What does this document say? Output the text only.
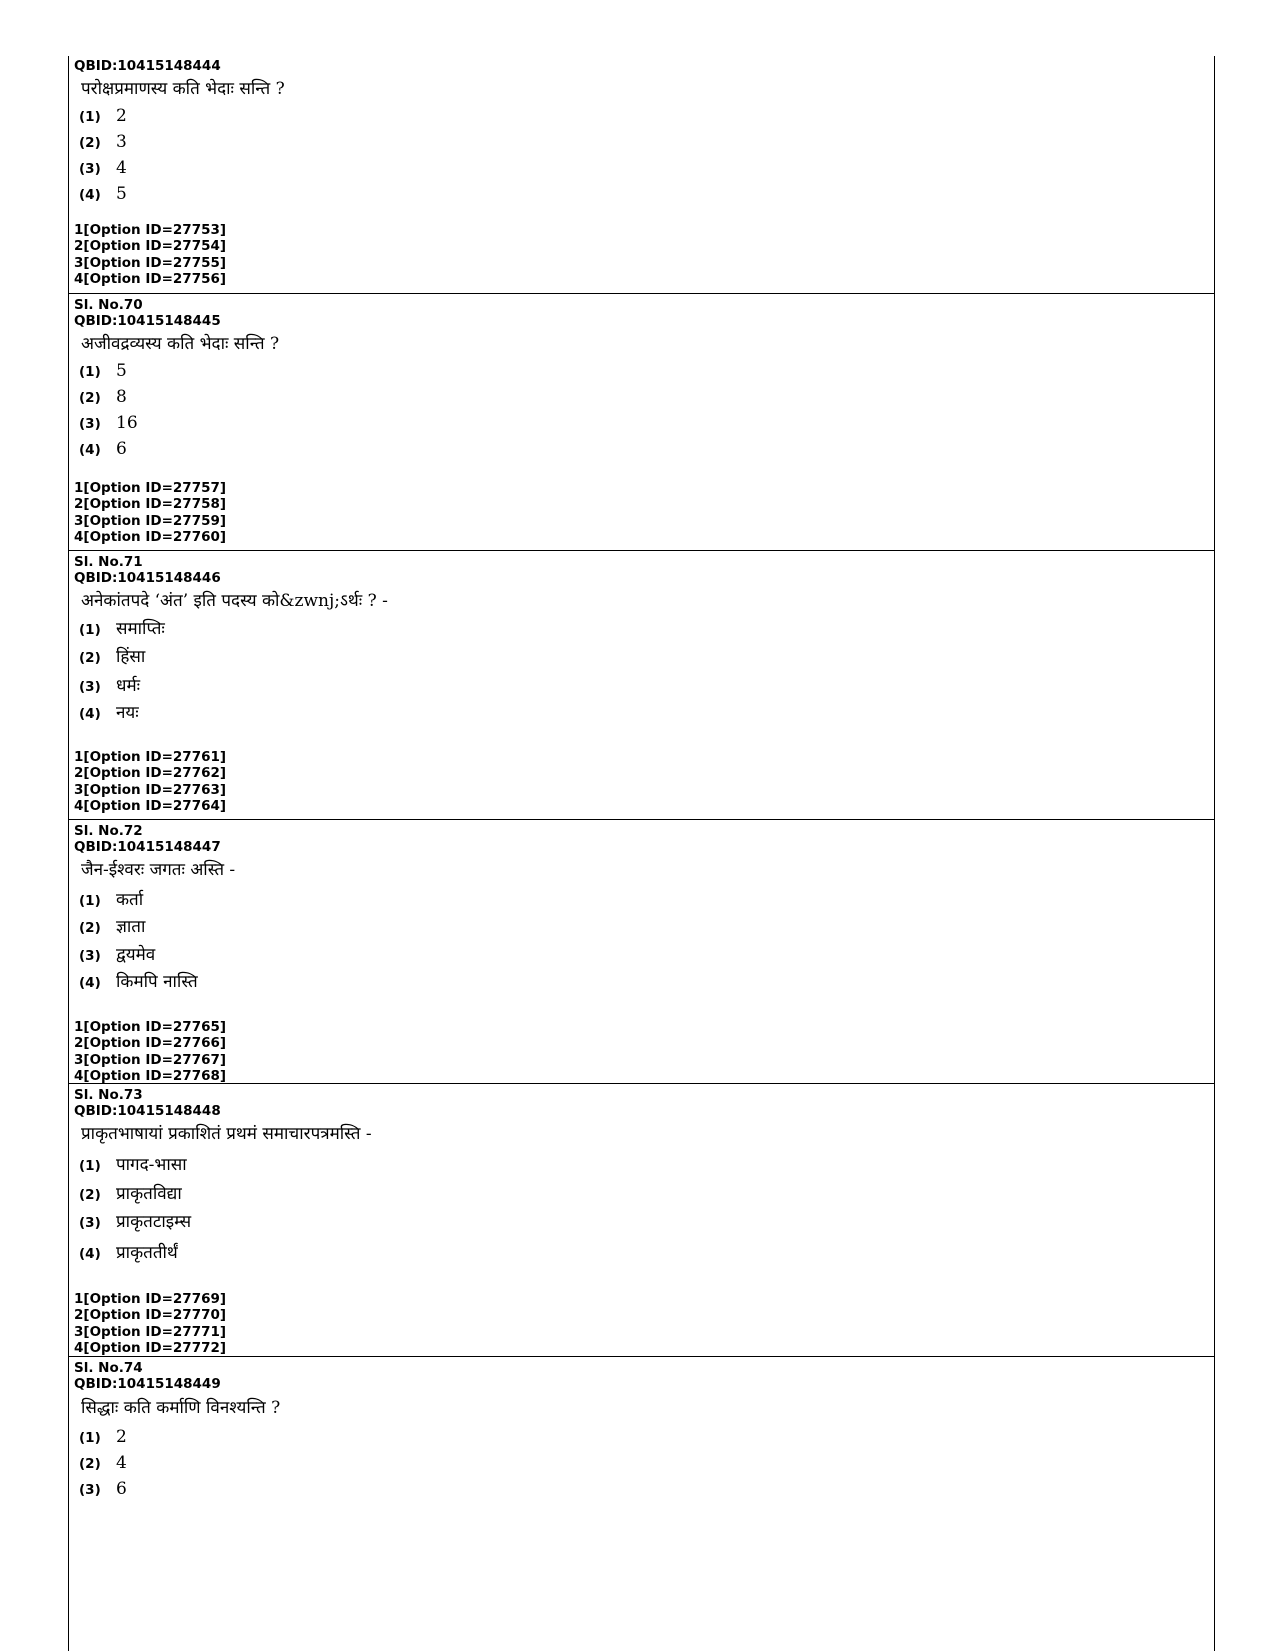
QBID:10415148444
परोक्षप्रमाणस्य कति भेदाः सन्ति ?
(1) 2
(2) 3
(3) 4
(4) 5
1[Option ID=27753]
2[Option ID=27754]
3[Option ID=27755]
4[Option ID=27756]
Sl. No.70
QBID:10415148445
अजीवद्रव्यस्य कति भेदाः सन्ति ?
(1) 5
(2) 8
(3) 16
(4) 6
1[Option ID=27757]
2[Option ID=27758]
3[Option ID=27759]
4[Option ID=27760]
Sl. No.71
QBID:10415148446
अनेकांतपदे ‘अंत’ इति पदस्य को&zwnj;ऽर्थः ? -
(1) समाप्तिः
(2) हिंसा
(3) धर्मः
(4) नयः
1[Option ID=27761]
2[Option ID=27762]
3[Option ID=27763]
4[Option ID=27764]
Sl. No.72
QBID:10415148447
जैन-ईश्वरः जगतः अस्ति -
(1) कर्ता
(2) ज्ञाता
(3) द्वयमेव
(4) किमपि नास्ति
1[Option ID=27765]
2[Option ID=27766]
3[Option ID=27767]
4[Option ID=27768]
Sl. No.73
QBID:10415148448
प्राकृतभाषायां प्रकाशितं प्रथमं समाचारपत्रमस्ति -
(1) पागद-भासा
(2) प्राकृतविद्या
(3) प्राकृतटाइम्स
(4) प्राकृततीर्थं
1[Option ID=27769]
2[Option ID=27770]
3[Option ID=27771]
4[Option ID=27772]
Sl. No.74
QBID:10415148449
सिद्धाः कति कर्माणि विनश्यन्ति ?
(1) 2
(2) 4
(3) 6
